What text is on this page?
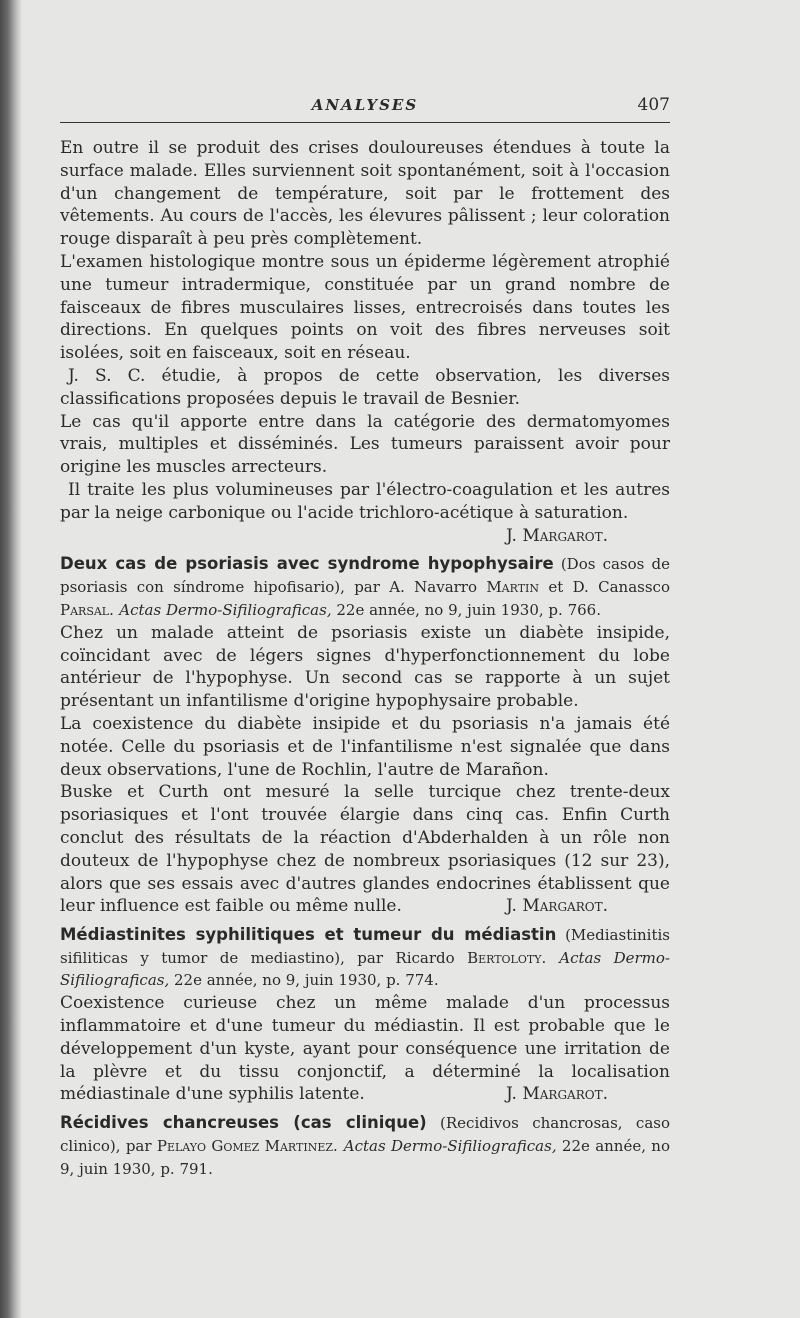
ANALYSES	407

En outre il se produit des crises douloureuses étendues à toute la surface malade. Elles surviennent soit spontanément, soit à l'occasion d'un changement de température, soit par le frottement des vêtements. Au cours de l'accès, les élevures pâlissent ; leur coloration rouge disparaît à peu près complètement.

L'examen histologique montre sous un épiderme légèrement atrophié une tumeur intradermique, constituée par un grand nombre de faisceaux de fibres musculaires lisses, entrecroisés dans toutes les directions. En quelques points on voit des fibres nerveuses soit isolées, soit en faisceaux, soit en réseau.

J. S. C. étudie, à propos de cette observation, les diverses classifications proposées depuis le travail de Besnier.

Le cas qu'il apporte entre dans la catégorie des dermatomyomes vrais, multiples et disséminés. Les tumeurs paraissent avoir pour origine les muscles arrecteurs.

Il traite les plus volumineuses par l'électro-coagulation et les autres par la neige carbonique ou l'acide trichloro-acétique à saturation.

J. Margarot.

Deux cas de psoriasis avec syndrome hypophysaire (Dos casos de psoriasis con síndrome hipofisario), par A. Navarro Martin et D. Canassco Parsal. Actas Dermo-Sifiliograficas, 22e année, no 9, juin 1930, p. 766.

Chez un malade atteint de psoriasis existe un diabète insipide, coïncidant avec de légers signes d'hyperfonctionnement du lobe antérieur de l'hypophyse. Un second cas se rapporte à un sujet présentant un infantilisme d'origine hypophysaire probable.

La coexistence du diabète insipide et du psoriasis n'a jamais été notée. Celle du psoriasis et de l'infantilisme n'est signalée que dans deux observations, l'une de Rochlin, l'autre de Marañon.

Buske et Curth ont mesuré la selle turcique chez trente-deux psoriasiques et l'ont trouvée élargie dans cinq cas. Enfin Curth conclut des résultats de la réaction d'Abderhalden à un rôle non douteux de l'hypophyse chez de nombreux psoriasiques (12 sur 23), alors que ses essais avec d'autres glandes endocrines établissent que leur influence est faible ou même nulle.	J. Margarot.

Médiastinites syphilitiques et tumeur du médiastin (Mediastinitis sifiliticas y tumor de mediastino), par Ricardo Bertoloty. Actas Dermo-Sifiliograficas, 22e année, no 9, juin 1930, p. 774.

Coexistence curieuse chez un même malade d'un processus inflammatoire et d'une tumeur du médiastin. Il est probable que le développement d'un kyste, ayant pour conséquence une irritation de la plèvre et du tissu conjonctif, a déterminé la localisation médiastinale d'une syphilis latente.	J. Margarot.

Récidives chancreuses (cas clinique) (Recidivos chancrosas, caso clinico), par Pelayo Gomez Martinez. Actas Dermo-Sifiliograficas, 22e année, no 9, juin 1930, p. 791.
